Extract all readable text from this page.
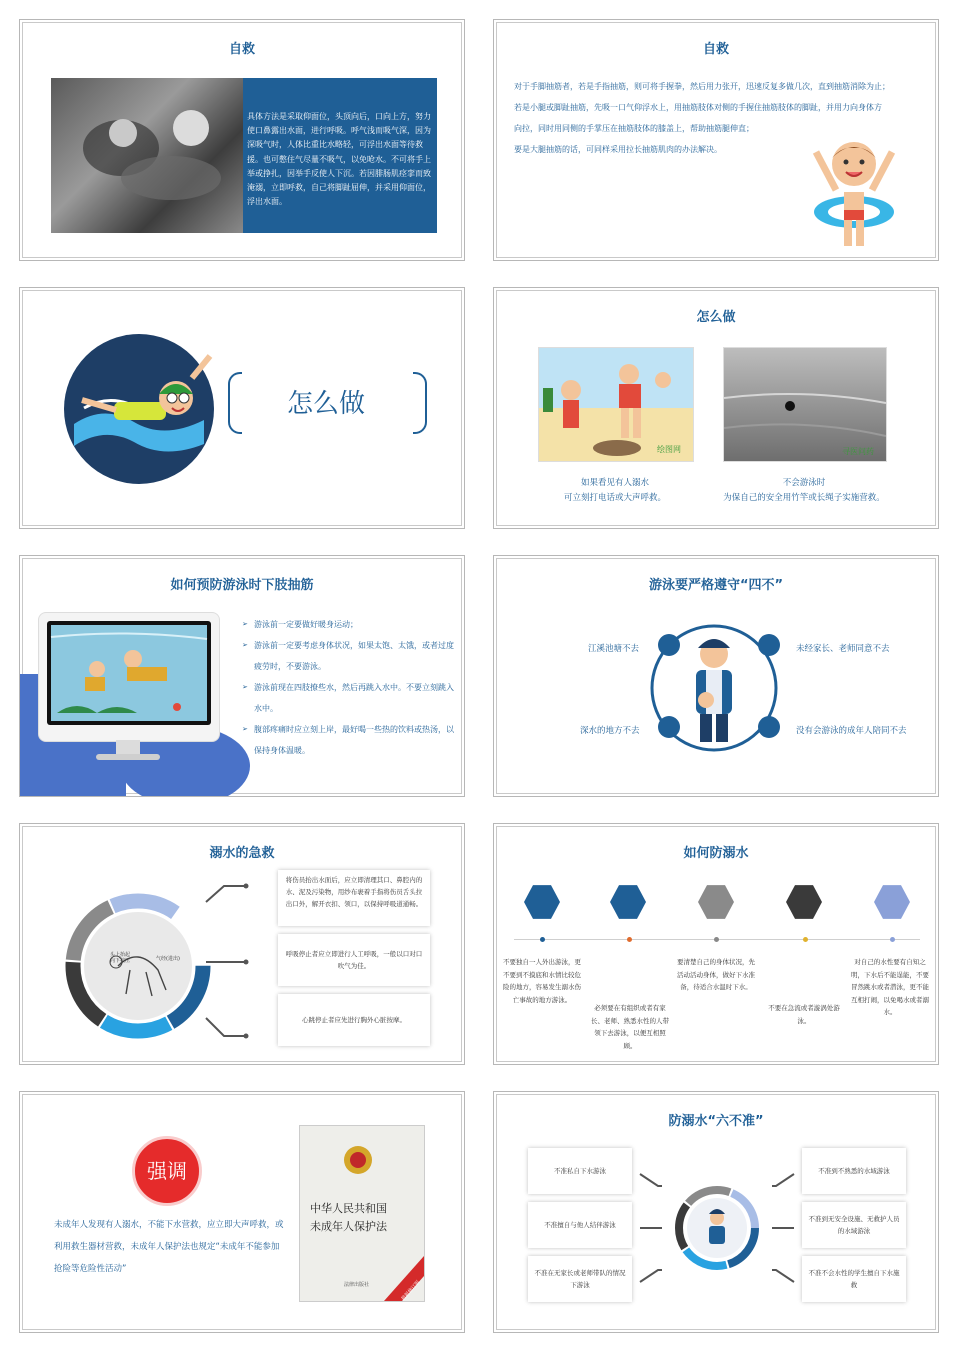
自救
具体方法是采取仰面位，头顶向后，口向上方，努力使口鼻露出水面，进行呼吸。呼气浅而吸气深，因为深吸气时，人体比重比水略轻，可浮出水面等待救援。也可憋住气尽量不吸气，以免呛水。不可将手上举或挣扎，因举手反使人下沉。若因腓肠肌痉挛而致淹溺，立即呼救，自己将脚趾屈伸，并采用仰面位，浮出水面。
自救
对于手脚抽筋者，若是手指抽筋，则可将手握拳，然后用力张开，迅速反复多做几次，直到抽筋消除为止；
若是小腿或脚趾抽筋，先吸一口气仰浮水上，用抽筋肢体对侧的手握住抽筋肢体的脚趾，并用力向身体方
向拉，同时用同侧的手掌压在抽筋肢体的膝盖上，帮助抽筋腿伸直；
要是大腿抽筋的话，可同样采用拉长抽筋肌肉的办法解决。
怎么做
怎么做
绘图网	寻医问药
如果看见有人溺水
可立刻打电话或大声呼救。
不会游泳时
为保自己的安全用竹竿或长绳子实施营救。
如何预防游泳时下肢抽筋
➢ 游泳前一定要做好暖身运动；
➢ 游泳前一定要考虑身体状况，如果太饱、太饿，或者过度疲劳时，不要游泳。
➢ 游泳前现在四肢撩些水，然后再跳入水中。不要立刻跳入水中。
➢ 腹部疼痛时应立刻上岸，最好喝一些热的饮料或热汤，以保持身体温暖。
游泳要严格遵守“四不”
江溪池塘不去	未经家长、老师同意不去
深水的地方不去	没有会游泳的成年人陪同不去
溺水的急救
头上抬起
向下按压	气经(进出)
将伤员抬出水面后，应立即清理其口、鼻腔内的水、泥及污染物，用纱布裹着手指将伤员舌头拉出口外，解开衣扣、领口，以保持呼吸道通畅。
呼吸停止者应立即进行人工呼吸，一般以口对口吹气为佳。
心跳停止者应先进行胸外心脏按摩。
如何防溺水
不要独自一人外出游泳，更不要到不摸底和水情比较危险的地方，容易发生溺水伤亡事故的地方游泳。
必须要在有组织或者有家长、老师、熟悉水性的人带领下去游泳，以便互相照顾。
要清楚自己的身体状况，先活动活动身体，做好下水准备，待适合水温时下水。
不要在急流或者漩涡处游泳。
对自己的水性要有自知之明，下水后不能逞能，不要冒然跳水或者潜泳，更不能互相打闹，以免喝水或者溺水。
强调
未成年人发现有人溺水，不能下水营救，应立即大声呼救，或利用救生器材营救，未成年人保护法也规定“未成年不能参加抢险等危险性活动”
中华人民共和国
未成年人保护法
法律出版社	最新修订版
防溺水“六不准”
不准私自下水游泳
不准擅自与他人结伴游泳
不准在无家长或老师带队的情况下游泳
不准到不熟悉的水域游泳
不准到无安全设施、无救护人员的水域游泳
不准不会水性的学生擅自下水施救
